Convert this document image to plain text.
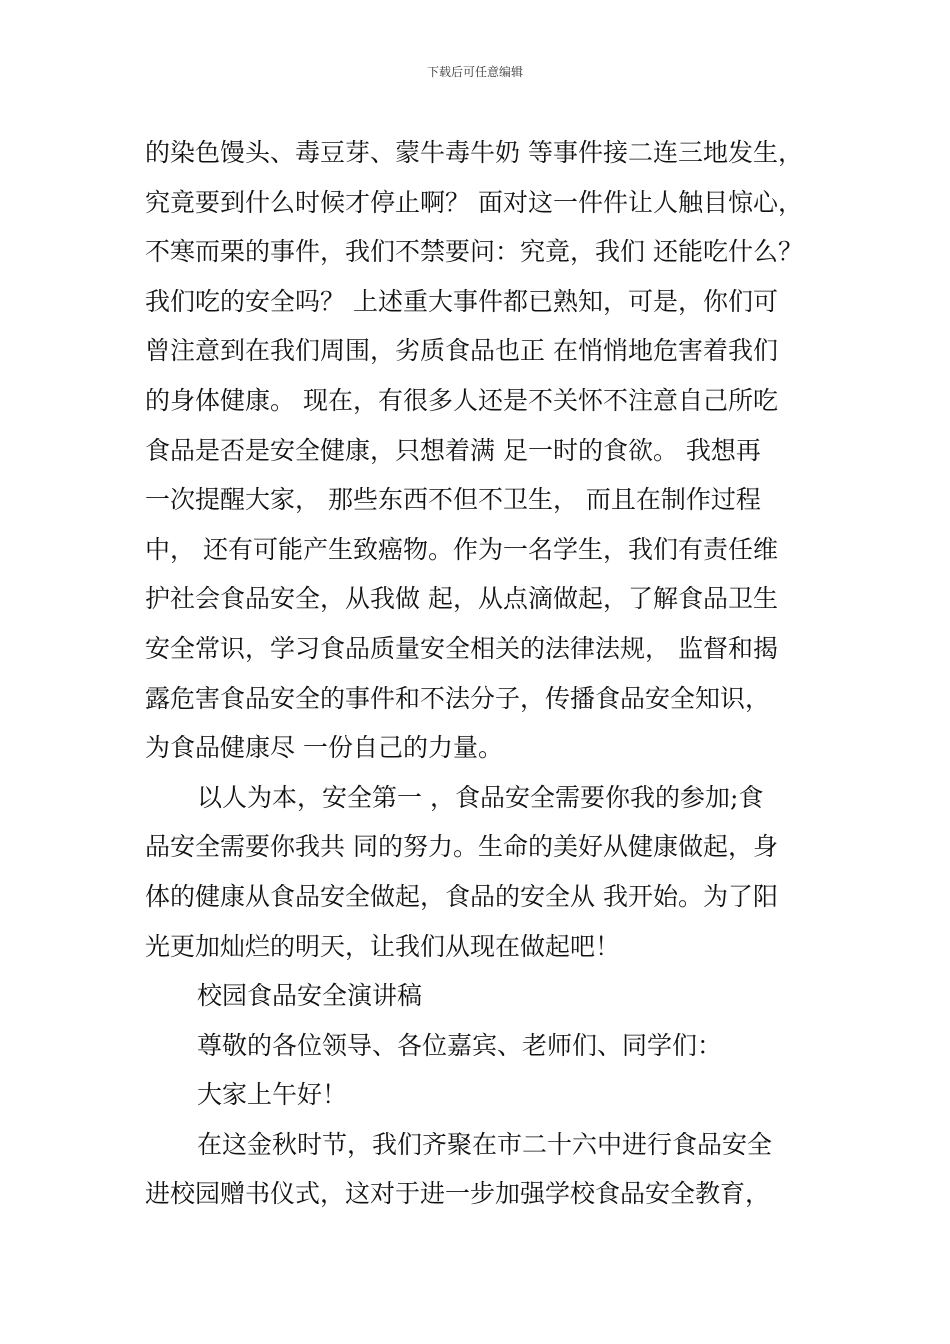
下载后可任意编辑
的染色馒头、毒豆芽、蒙牛毒牛奶 等事件接二连三地发生，
究竟要到什么时候才停止啊？ 面对这一件件让人触目惊心，
不寒而栗的事件，我们不禁要问：究竟，我们 还能吃什么？
我们吃的安全吗？ 上述重大事件都已熟知，可是，你们可
曾注意到在我们周围，劣质食品也正 在悄悄地危害着我们
的身体健康。 现在，有很多人还是不关怀不注意自己所吃
食品是否是安全健康，只想着满 足一时的食欲。 我想再
一次提醒大家， 那些东西不但不卫生， 而且在制作过程
中， 还有可能产生致癌物。作为一名学生，我们有责任维
护社会食品安全，从我做 起，从点滴做起，了解食品卫生
安全常识，学习食品质量安全相关的法律法规， 监督和揭
露危害食品安全的事件和不法分子，传播食品安全知识，
为食品健康尽 一份自己的力量。
以人为本，安全第一 ，食品安全需要你我的参加;食
品安全需要你我共 同的努力。生命的美好从健康做起，身
体的健康从食品安全做起，食品的安全从 我开始。为了阳
光更加灿烂的明天，让我们从现在做起吧！
校园食品安全演讲稿
尊敬的各位领导、各位嘉宾、老师们、同学们：
大家上午好！
在这金秋时节，我们齐聚在市二十六中进行食品安全
进校园赠书仪式，这对于进一步加强学校食品安全教育，
